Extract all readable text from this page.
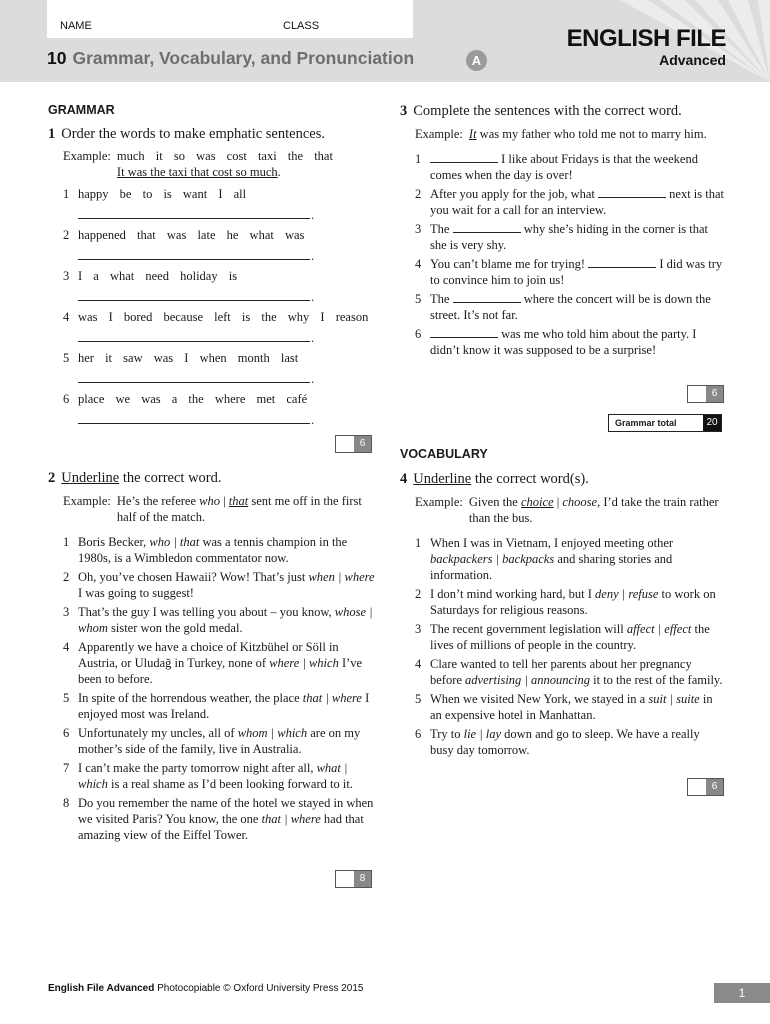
NAME	CLASS
10 Grammar, Vocabulary, and Pronunciation	A
ENGLISH FILE
Advanced
GRAMMAR

1 Order the words to make emphatic sentences.

Example: much it so was cost taxi the that
It was the taxi that cost so much.
1 happy be to is want I all
.
2 happened that was late he what was
.
3 I a what need holiday is
.
4 was I bored because left is the why I reason
.
5 her it saw was I when month last
.
6 place we was a the where met café
.
6

2 Underline the correct word.

Example: He’s the referee who | that sent me off in the first half of the match.
1 Boris Becker, who | that was a tennis champion in the 1980s, is a Wimbledon commentator now.
2 Oh, you’ve chosen Hawaii? Wow! That’s just when | where I was going to suggest!
3 That’s the guy I was telling you about – you know, whose | whom sister won the gold medal.
4 Apparently we have a choice of Kitzbühel or Söll in Austria, or Uludağ in Turkey, none of where | which I’ve been to before.
5 In spite of the horrendous weather, the place that | where I enjoyed most was Ireland.
6 Unfortunately my uncles, all of whom | which are on my mother’s side of the family, live in Australia.
7 I can’t make the party tomorrow night after all, what | which is a real shame as I’d been looking forward to it.
8 Do you remember the name of the hotel we stayed in when we visited Paris? You know, the one that | where had that amazing view of the Eiffel Tower.
8

3 Complete the sentences with the correct word.

Example: It was my father who told me not to marry him.
1	I like about Fridays is that the weekend comes when the day is over!
2 After you apply for the job, what	next is that you wait for a call for an interview.
3 The	why she’s hiding in the corner is that she is very shy.
4 You can’t blame me for trying!	I did was try to convince him to join us!
5 The	where the concert will be is down the street. It’s not far.
6	was me who told him about the party. I didn’t know it was supposed to be a surprise!
6
Grammar total	20
VOCABULARY

4 Underline the correct word(s).

Example: Given the choice | choose, I’d take the train rather than the bus.
1 When I was in Vietnam, I enjoyed meeting other backpackers | backpacks and sharing stories and information.
2 I don’t mind working hard, but I deny | refuse to work on Saturdays for religious reasons.
3 The recent government legislation will affect | effect the lives of millions of people in the country.
4 Clare wanted to tell her parents about her pregnancy before advertising | announcing it to the rest of the family.
5 When we visited New York, we stayed in a suit | suite in an expensive hotel in Manhattan.
6 Try to lie | lay down and go to sleep. We have a really busy day tomorrow.
6
English File Advanced Photocopiable © Oxford University Press 2015	1
